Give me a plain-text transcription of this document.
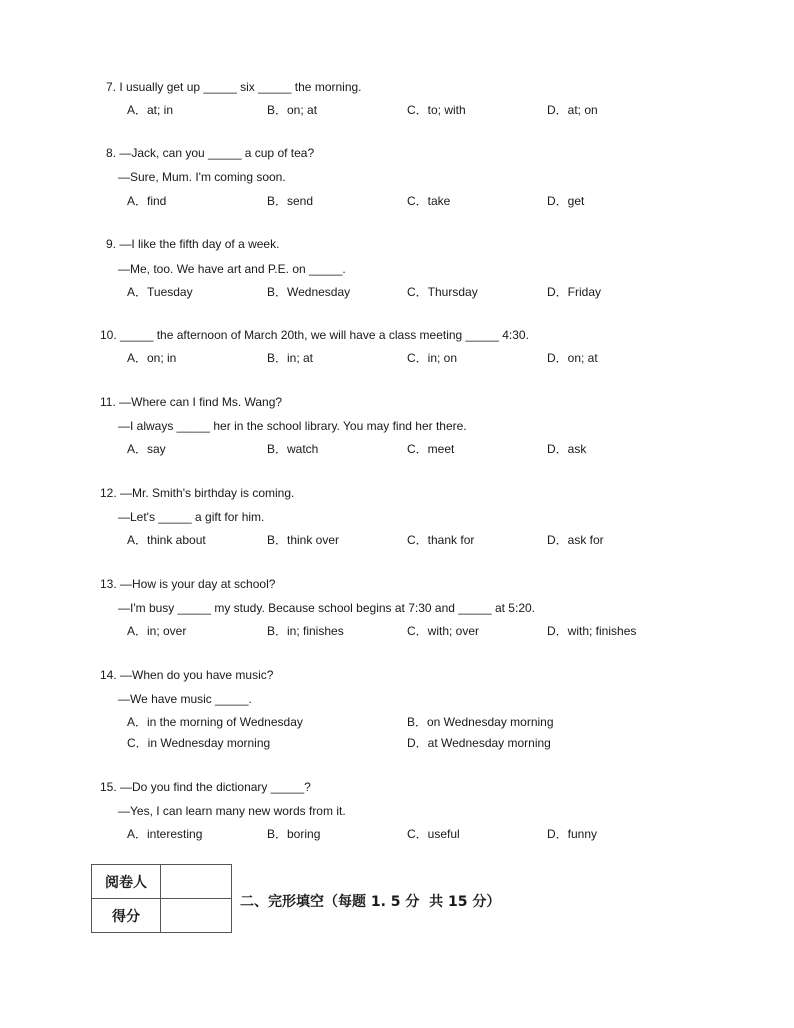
7. I usually get up _____ six _____ the morning.
A．at; in	B．on; at	C．to; with	D．at; on
8. —Jack, can you _____ a cup of tea?
—Sure, Mum. I'm coming soon.
A．find	B．send	C．take	D．get
9. —I like the fifth day of a week.
—Me, too. We have art and P.E. on _____.
A．Tuesday	B．Wednesday	C．Thursday	D．Friday
10. _____ the afternoon of March 20th, we will have a class meeting _____ 4:30.
A．on; in	B．in; at	C．in; on	D．on; at
11. —Where can I find Ms. Wang?
—I always _____ her in the school library. You may find her there.
A．say	B．watch	C．meet	D．ask
12. —Mr. Smith's birthday is coming.
—Let's _____ a gift for him.
A．think about	B．think over	C．thank for	D．ask for
13. —How is your day at school?
—I'm busy _____ my study. Because school begins at 7:30 and _____ at 5:20.
A．in; over	B．in; finishes	C．with; over	D．with; finishes
14. —When do you have music?
—We have music _____.
A．in the morning of Wednesday	B．on Wednesday morning
C．in Wednesday morning	D．at Wednesday morning
15. —Do you find the dictionary _____?
—Yes, I can learn many new words from it.
A．interesting	B．boring	C．useful	D．funny
阅卷人	
得分	
二、完形填空（每题 1. 5 分  共 15 分）
